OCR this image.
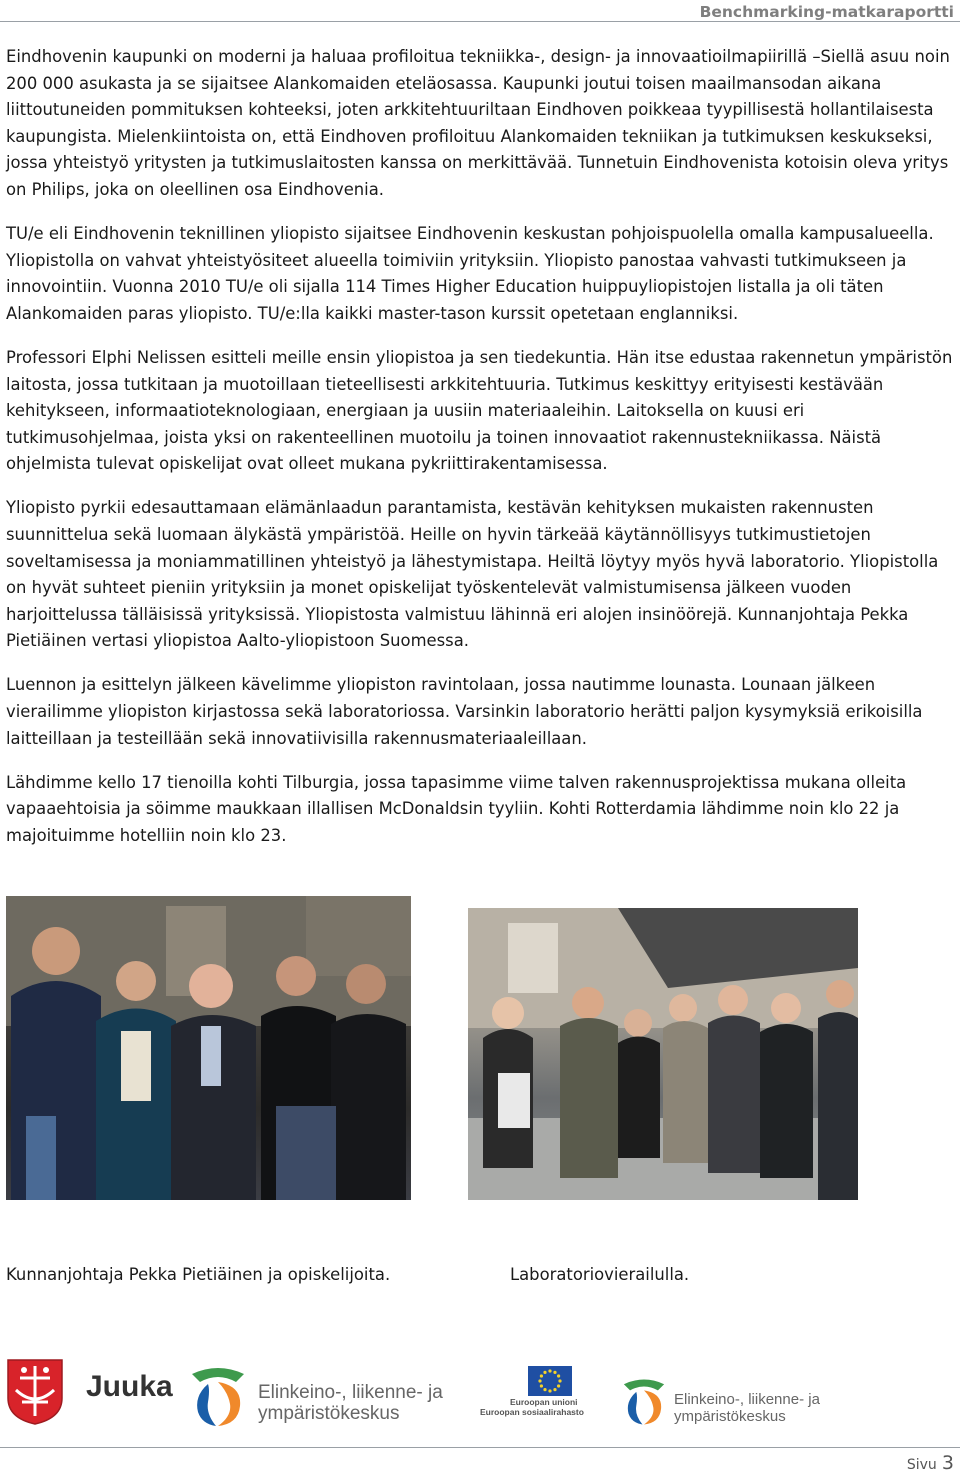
Benchmarking-matkaraportti

Eindhovenin kaupunki on moderni ja haluaa profiloitua tekniikka-, design- ja innovaatioilmapiirillä –Siellä asuu noin 200 000 asukasta ja se sijaitsee Alankomaiden eteläosassa. Kaupunki joutui toisen maailmansodan aikana liittoutuneiden pommituksen kohteeksi, joten arkkitehtuuriltaan Eindhoven poikkeaa tyypillisestä hollantilaisesta kaupungista. Mielenkiintoista on, että Eindhoven profiloituu Alankomaiden tekniikan ja tutkimuksen keskukseksi, jossa yhteistyö yritysten ja tutkimuslaitosten kanssa on merkittävää. Tunnetuin Eindhovenista kotoisin oleva yritys on Philips, joka on oleellinen osa Eindhovenia.

TU/e eli Eindhovenin teknillinen yliopisto sijaitsee Eindhovenin keskustan pohjoispuolella omalla kampusalueella. Yliopistolla on vahvat yhteistyösiteet alueella toimiviin yrityksiin. Yliopisto panostaa vahvasti tutkimukseen ja innovointiin. Vuonna 2010 TU/e oli sijalla 114 Times Higher Education huippuyliopistojen listalla ja oli täten Alankomaiden paras yliopisto. TU/e:lla kaikki master-tason kurssit opetetaan englanniksi.

Professori Elphi Nelissen esitteli meille ensin yliopistoa ja sen tiedekuntia. Hän itse edustaa rakennetun ympäristön laitosta, jossa tutkitaan ja muotoillaan tieteellisesti arkkitehtuuria. Tutkimus keskittyy erityisesti kestävään kehitykseen, informaatioteknologiaan, energiaan ja uusiin materiaaleihin. Laitoksella on kuusi eri tutkimusohjelmaa, joista yksi on rakenteellinen muotoilu ja toinen innovaatiot rakennustekniikassa. Näistä ohjelmista tulevat opiskelijat ovat olleet mukana pykriittirakentamisessa.

Yliopisto pyrkii edesauttamaan elämänlaadun parantamista, kestävän kehityksen mukaisten rakennusten suunnittelua sekä luomaan älykästä ympäristöä. Heille on hyvin tärkeää käytännöllisyys tutkimustietojen soveltamisessa ja moniammatillinen yhteistyö ja lähestymistapa. Heiltä löytyy myös hyvä laboratorio. Yliopistolla on hyvät suhteet pieniin yrityksiin ja monet opiskelijat työskentelevät valmistumisensa jälkeen vuoden harjoittelussa tälläisissä yrityksissä. Yliopistosta valmistuu lähinnä eri alojen insinöörejä. Kunnanjohtaja Pekka Pietiäinen vertasi yliopistoa Aalto-yliopistoon Suomessa.

Luennon ja esittelyn jälkeen kävelimme yliopiston ravintolaan, jossa nautimme lounasta. Lounaan jälkeen vierailimme yliopiston kirjastossa sekä laboratoriossa. Varsinkin laboratorio herätti paljon kysymyksiä erikoisilla laitteillaan ja testeillään sekä innovatiivisilla rakennusmateriaaleillaan.

Lähdimme kello 17 tienoilla kohti Tilburgia, jossa tapasimme viime talven rakennusprojektissa mukana olleita vapaaehtoisia ja söimme maukkaan illallisen McDonaldsin tyyliin. Kohti Rotterdamia lähdimme noin klo 22 ja majoituimme hotelliin noin klo 23.

Kunnanjohtaja Pekka Pietiäinen ja opiskelijoita.	Laboratoriovierailulla.
Juuka	Elinkeino-, liikenne- ja
ympäristökeskus
Euroopan unioni
Euroopan sosiaalirahasto
Elinkeino-, liikenne- ja
ympäristökeskus
Sivu 3
